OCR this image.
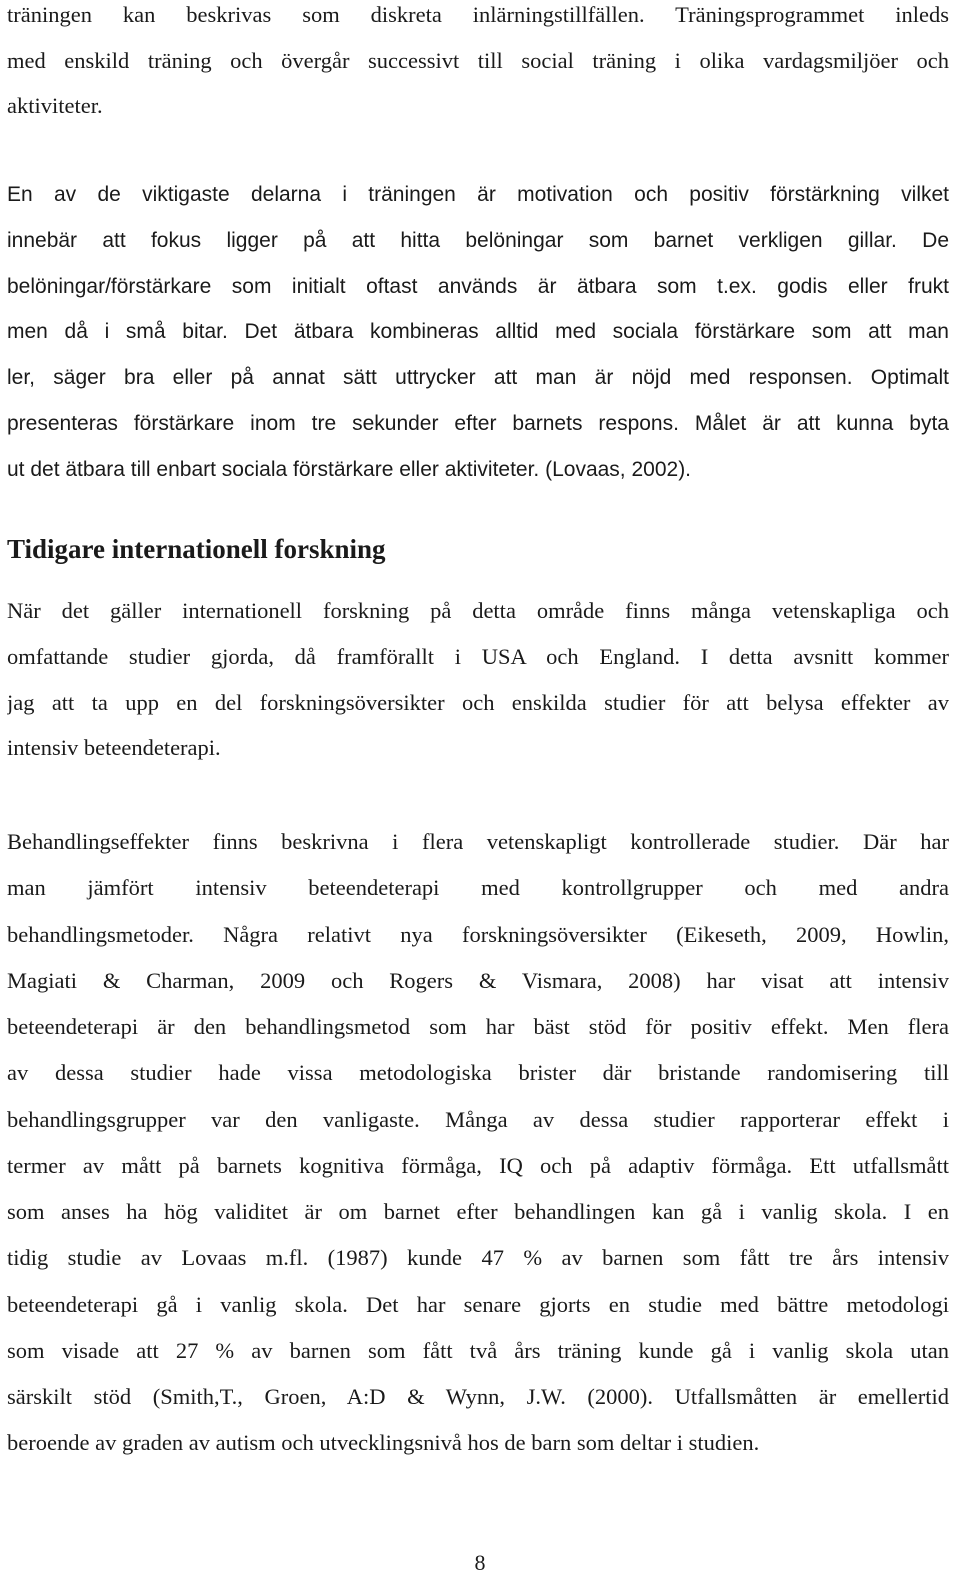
träningen kan beskrivas som diskreta inlärningstillfällen. Träningsprogrammet inleds
med enskild träning och övergår successivt till social träning i olika vardagsmiljöer och
aktiviteter.
En av de viktigaste delarna i träningen är motivation och positiv förstärkning vilket
innebär att fokus ligger på att hitta belöningar som barnet verkligen gillar. De
belöningar/förstärkare som initialt oftast används är ätbara som t.ex. godis eller frukt
men då i små bitar. Det ätbara kombineras alltid med sociala förstärkare som att man
ler, säger bra eller på annat sätt uttrycker att man är nöjd med responsen. Optimalt
presenteras förstärkare inom tre sekunder efter barnets respons. Målet är att kunna byta
ut det ätbara till enbart sociala förstärkare eller aktiviteter. (Lovaas, 2002).
När det gäller internationell forskning på detta område finns många vetenskapliga och
omfattande studier gjorda, då framförallt i USA och England. I detta avsnitt kommer
jag att ta upp en del forskningsöversikter och enskilda studier för att belysa effekter av
intensiv beteendeterapi.
Behandlingseffekter finns beskrivna i flera vetenskapligt kontrollerade studier. Där har
man jämfört intensiv beteendeterapi med kontrollgrupper och med andra
behandlingsmetoder. Några relativt nya forskningsöversikter (Eikeseth, 2009, Howlin,
Magiati & Charman, 2009 och Rogers & Vismara, 2008) har visat att intensiv
beteendeterapi är den behandlingsmetod som har bäst stöd för positiv effekt. Men flera
av dessa studier hade vissa metodologiska brister där bristande randomisering till
behandlingsgrupper var den vanligaste. Många av dessa studier rapporterar effekt i
termer av mått på barnets kognitiva förmåga, IQ och på adaptiv förmåga. Ett utfallsmått
som anses ha hög validitet är om barnet efter behandlingen kan gå i vanlig skola. I en
tidig studie av Lovaas m.fl. (1987) kunde 47 % av barnen som fått tre års intensiv
beteendeterapi gå i vanlig skola. Det har senare gjorts en studie med bättre metodologi
som visade att 27 % av barnen som fått två års träning kunde gå i vanlig skola utan
särskilt stöd (Smith,T., Groen, A:D & Wynn, J.W. (2000). Utfallsmåtten är emellertid
beroende av graden av autism och utvecklingsnivå hos de barn som deltar i studien.
Tidigare internationell forskning
8
